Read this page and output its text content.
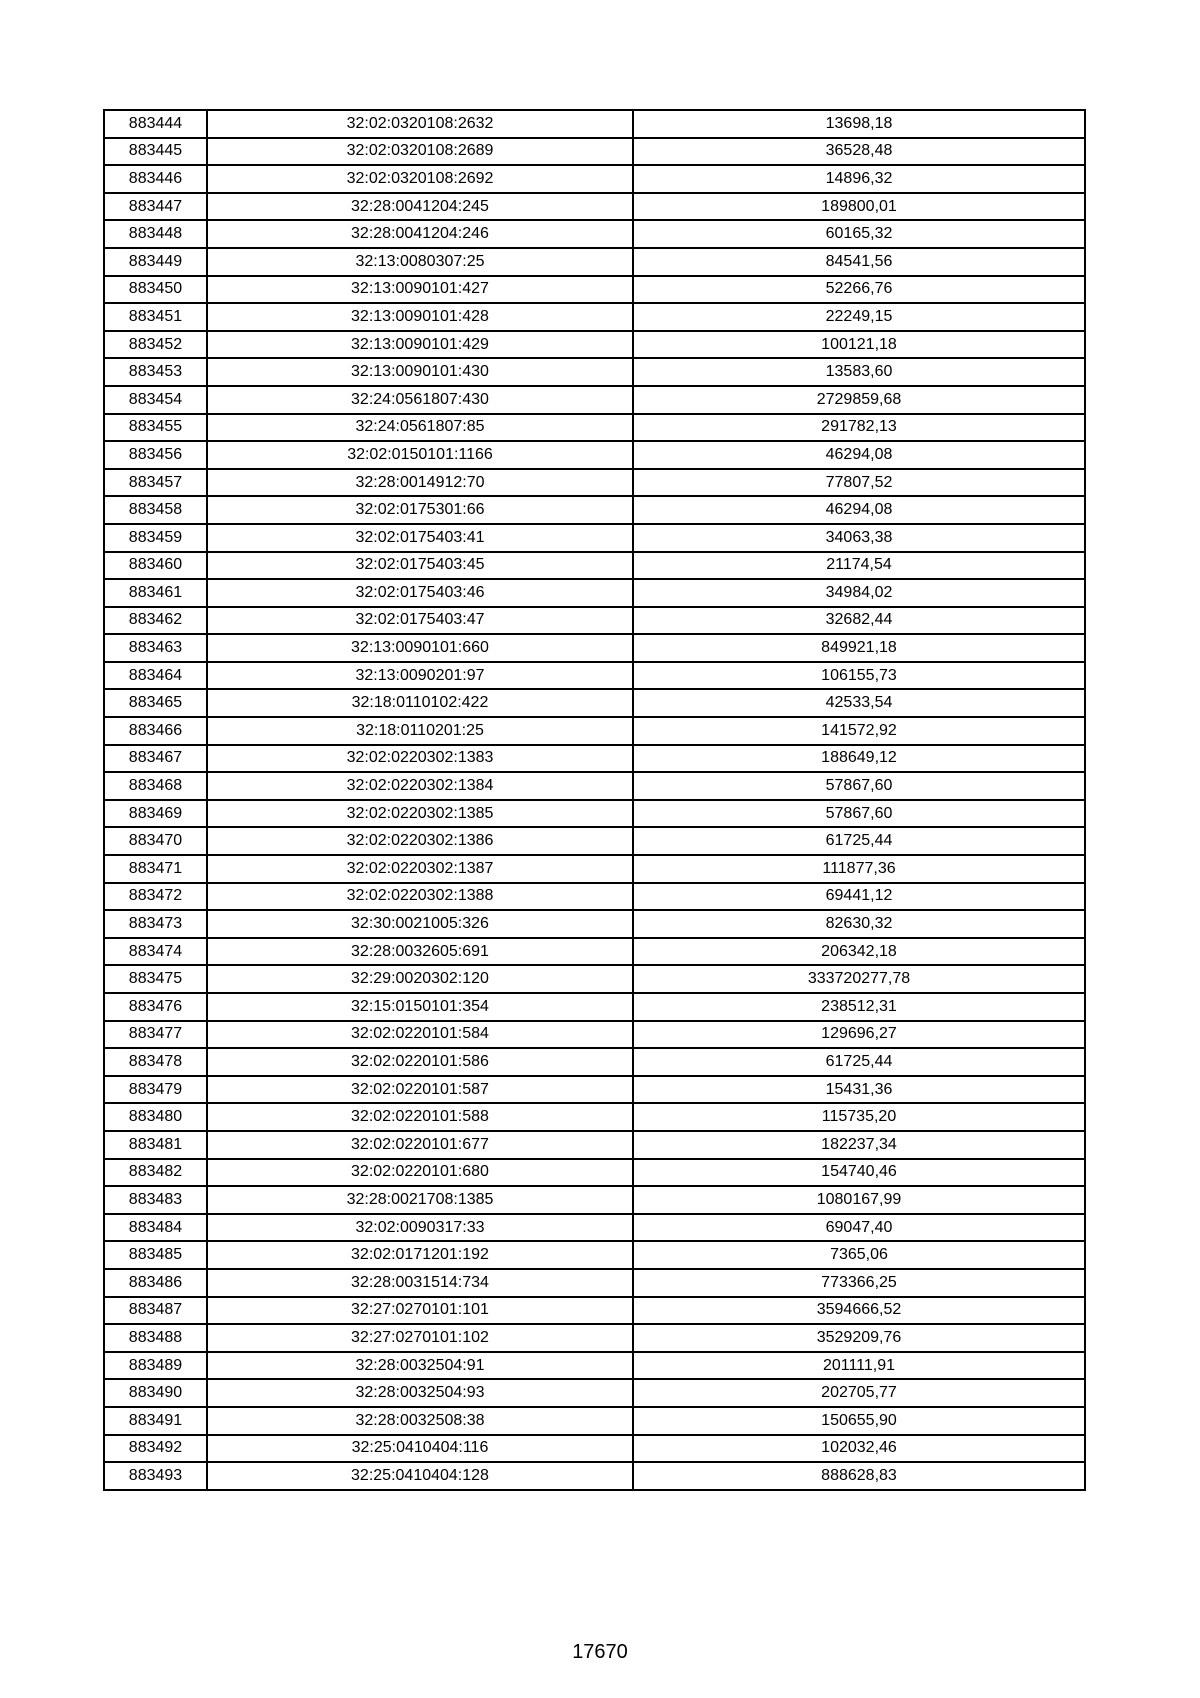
883444	32:02:0320108:2632	13698,18
883445	32:02:0320108:2689	36528,48
883446	32:02:0320108:2692	14896,32
883447	32:28:0041204:245	189800,01
883448	32:28:0041204:246	60165,32
883449	32:13:0080307:25	84541,56
883450	32:13:0090101:427	52266,76
883451	32:13:0090101:428	22249,15
883452	32:13:0090101:429	100121,18
883453	32:13:0090101:430	13583,60
883454	32:24:0561807:430	2729859,68
883455	32:24:0561807:85	291782,13
883456	32:02:0150101:1166	46294,08
883457	32:28:0014912:70	77807,52
883458	32:02:0175301:66	46294,08
883459	32:02:0175403:41	34063,38
883460	32:02:0175403:45	21174,54
883461	32:02:0175403:46	34984,02
883462	32:02:0175403:47	32682,44
883463	32:13:0090101:660	849921,18
883464	32:13:0090201:97	106155,73
883465	32:18:0110102:422	42533,54
883466	32:18:0110201:25	141572,92
883467	32:02:0220302:1383	188649,12
883468	32:02:0220302:1384	57867,60
883469	32:02:0220302:1385	57867,60
883470	32:02:0220302:1386	61725,44
883471	32:02:0220302:1387	111877,36
883472	32:02:0220302:1388	69441,12
883473	32:30:0021005:326	82630,32
883474	32:28:0032605:691	206342,18
883475	32:29:0020302:120	333720277,78
883476	32:15:0150101:354	238512,31
883477	32:02:0220101:584	129696,27
883478	32:02:0220101:586	61725,44
883479	32:02:0220101:587	15431,36
883480	32:02:0220101:588	115735,20
883481	32:02:0220101:677	182237,34
883482	32:02:0220101:680	154740,46
883483	32:28:0021708:1385	1080167,99
883484	32:02:0090317:33	69047,40
883485	32:02:0171201:192	7365,06
883486	32:28:0031514:734	773366,25
883487	32:27:0270101:101	3594666,52
883488	32:27:0270101:102	3529209,76
883489	32:28:0032504:91	201111,91
883490	32:28:0032504:93	202705,77
883491	32:28:0032508:38	150655,90
883492	32:25:0410404:116	102032,46
883493	32:25:0410404:128	888628,83
17670
